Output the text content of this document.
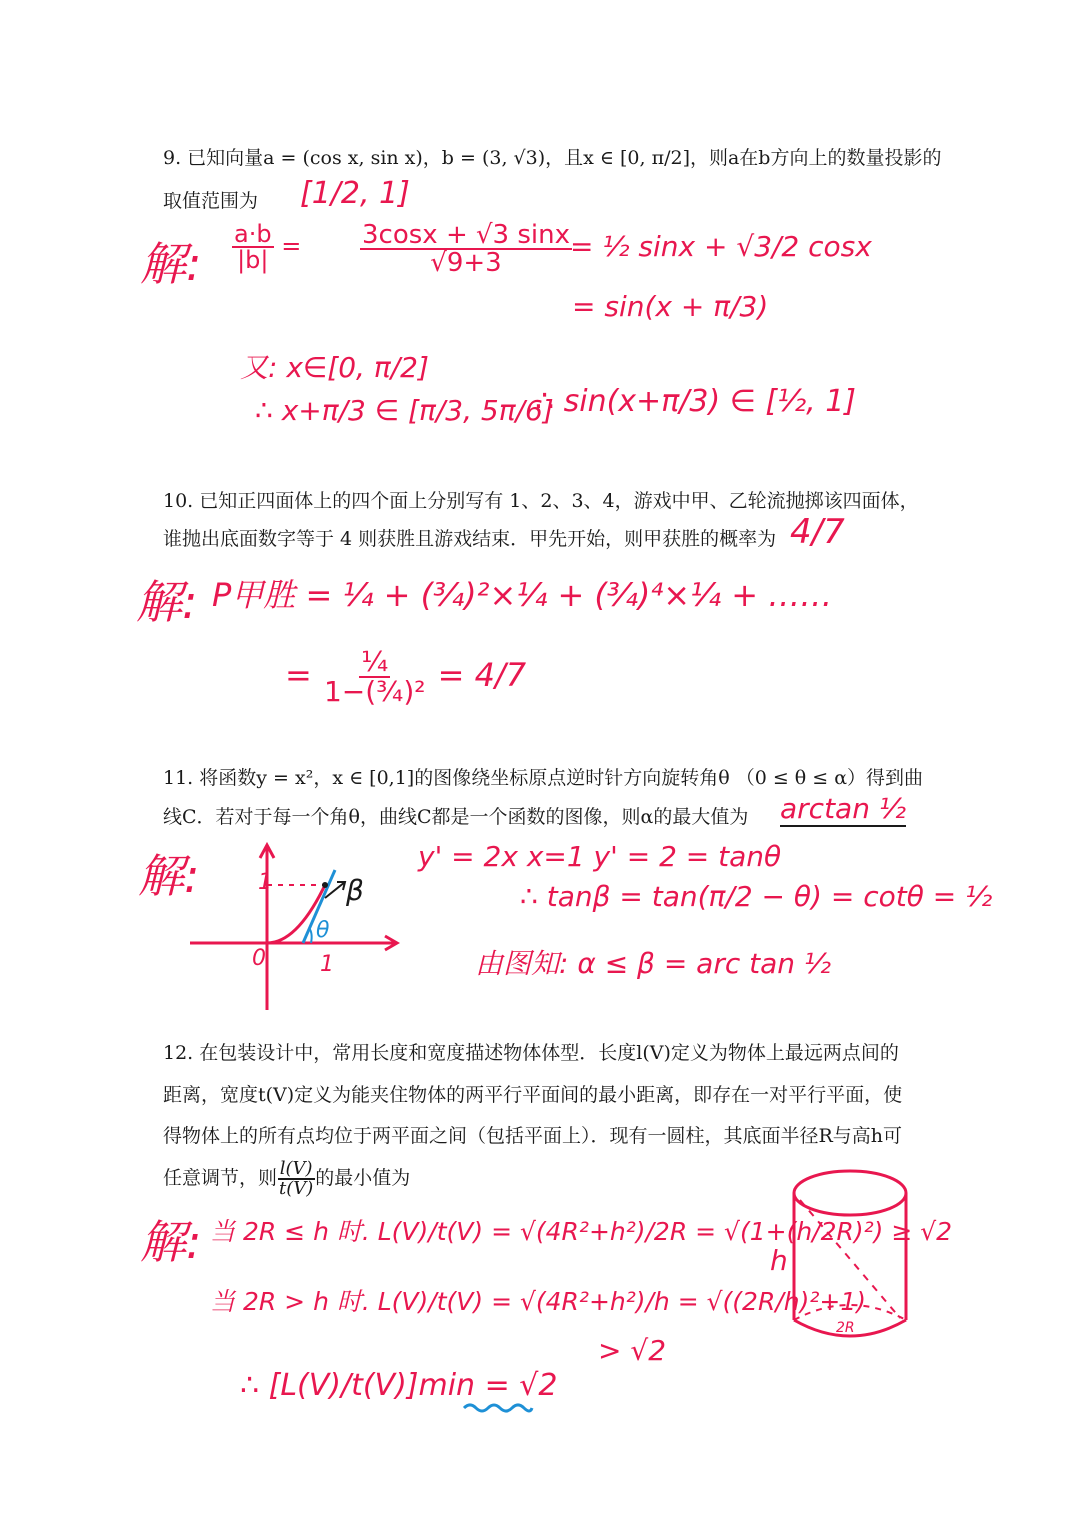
9. 已知向量a = (cos x, sin x)，b = (3, √3)，且x ∈ [0, π/2]，则a在b方向上的数量投影的
取值范围为 [1/2, 1]
解: $\frac{a\cdot b}{|b|} = \frac{3\cos x + √3 \sin x}{√9+3}$
= ½ sinx + √3/2 cosx
= sin(x + π/3)
又: x∈[0, π/2]
∴ x+π/3 ∈ [π/3, 5π/6]
∴ sin(x+π/3) ∈ [½, 1]
10. 已知正四面体上的四个面上分别写有 1、2、3、4，游戏中甲、乙轮流抛掷该四面体，
谁抛出底面数字等于 4 则获胜且游戏结束．甲先开始，则甲获胜的概率为 4/7
解: P甲胜 = ¼ + (¾)²×¼ + (¾)⁴×¼ + ……
= $\frac{\text{¼}}{\text{1−(¾)²}} = 4/7$
11. 将函数y = x²，x ∈ [0,1]的图像绕坐标原点逆时针方向旋转角θ （0 ≤ θ ≤ α）得到曲
线C．若对于每一个角θ，曲线C都是一个函数的图像，则α的最大值为 arctan ½
解:	1
0 1
β
θ
y' = 2x x=1 y' = 2 = tanθ
∴ tanβ = tan(π/2 − θ) = cotθ = ½
由图知: α ≤ β = arc tan ½
12. 在包装设计中，常用长度和宽度描述物体体型．长度l(V)定义为物体上最远两点间的
距离，宽度t(V)定义为能夹住物体的两平行平面间的最小距离，即存在一对平行平面，使
得物体上的所有点均位于两平面之间（包括平面上）．现有一圆柱，其底面半径R与高h可
任意调节，则 $\frac{l(V)}{t(V)}$ 的最小值为
解: 当 2R ≤ h 时. L(V)/t(V) = √(4R²+h²)/2R = √(1+(h/2R)²) ≥ √2
当 2R > h 时. L(V)/t(V) = √(4R²+h²)/h = √((2R/h)²+1)
> √2
∴ [L(V)/t(V)]min = √2
h
2R
